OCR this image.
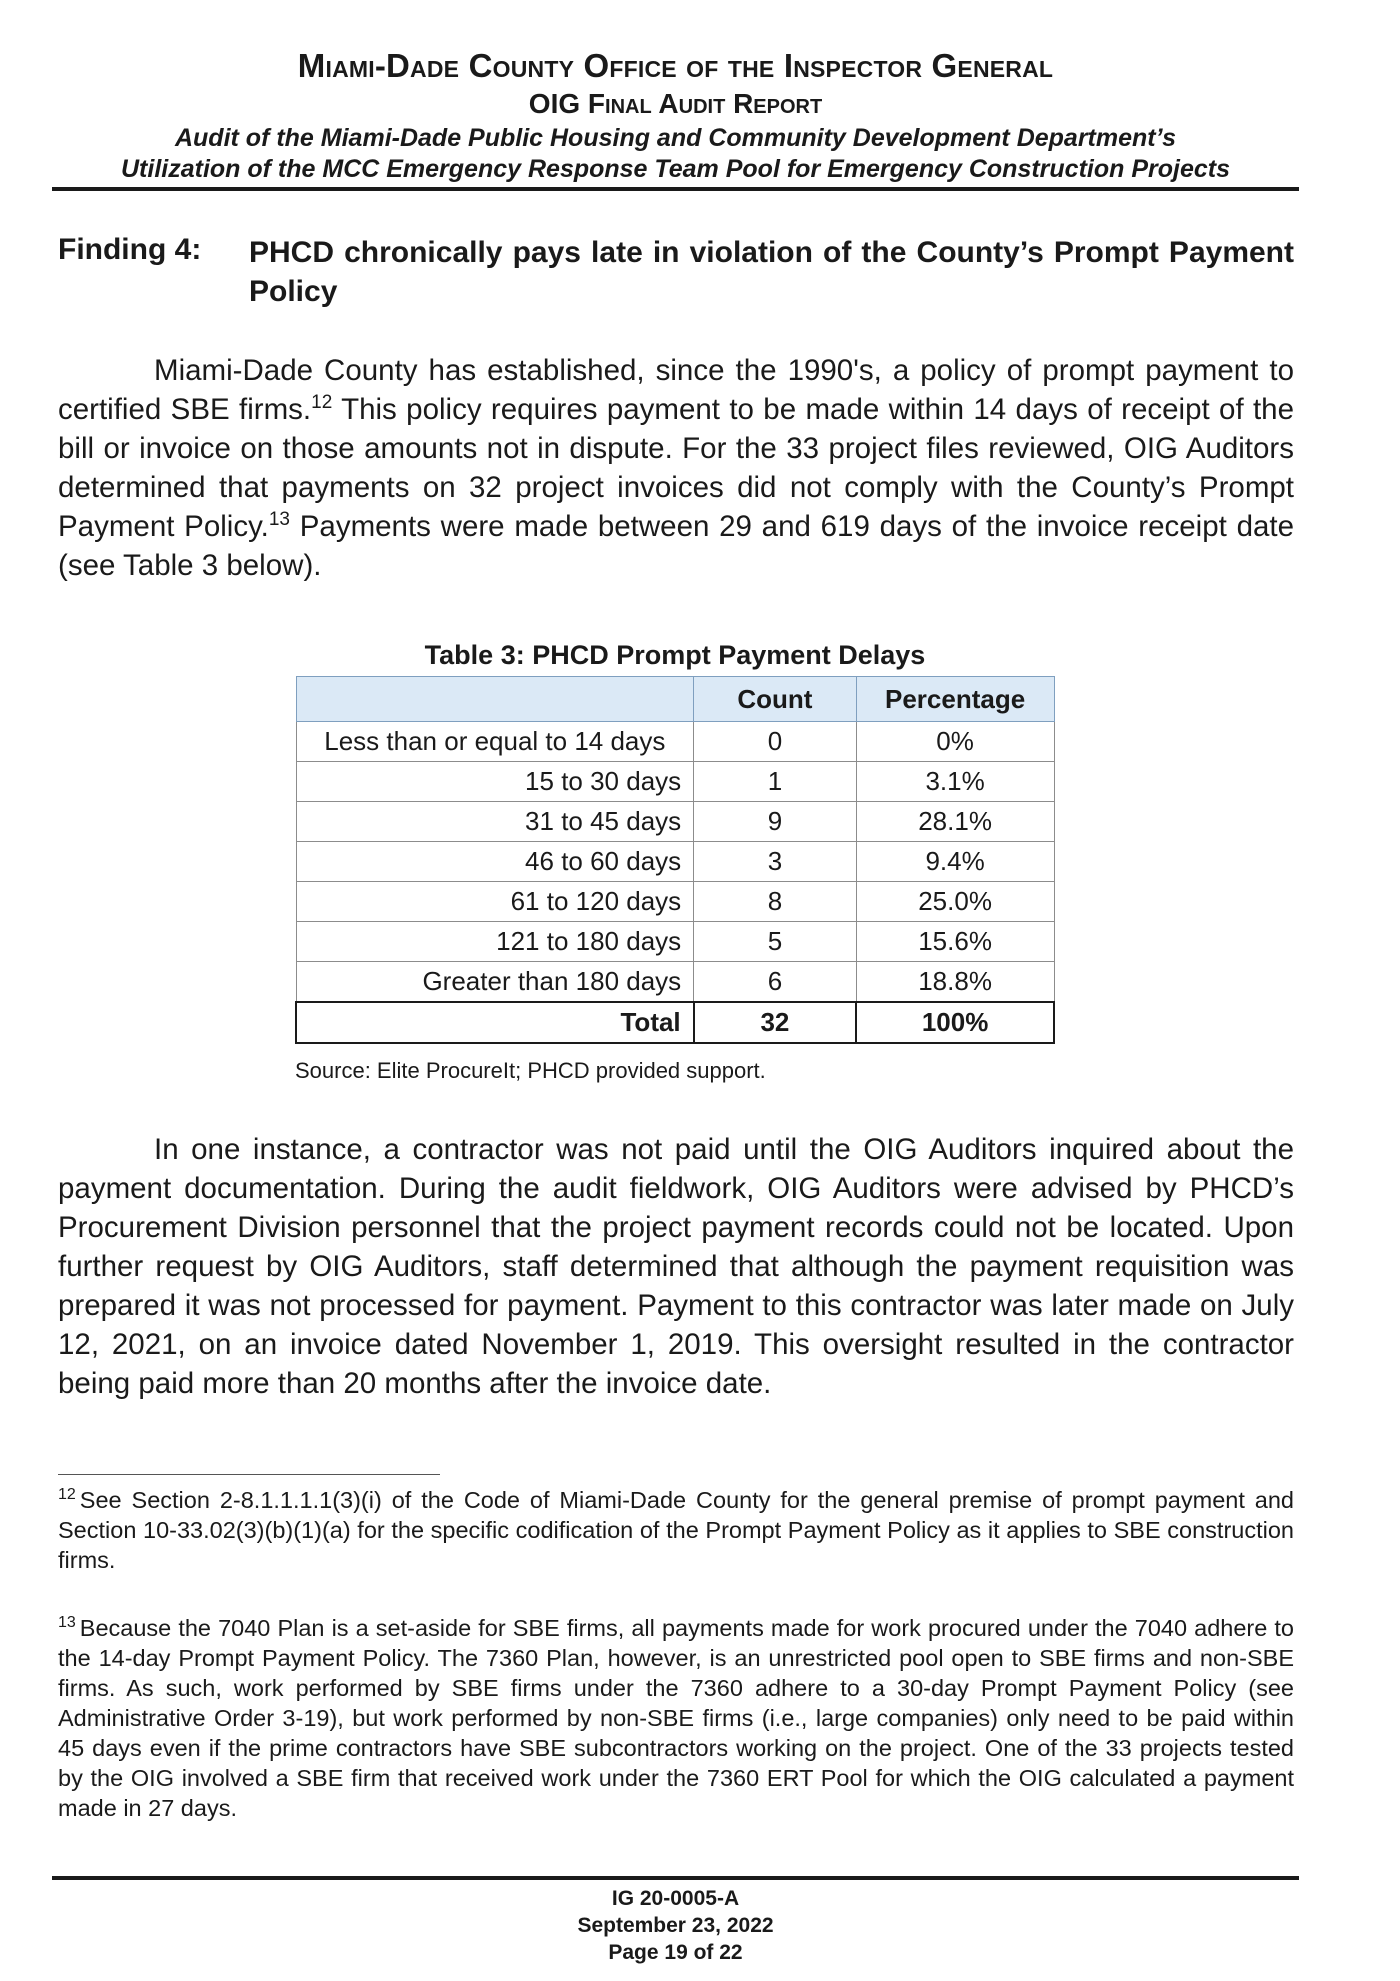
Miami-Dade County Office of the Inspector General
OIG Final Audit Report
Audit of the Miami-Dade Public Housing and Community Development Department’s
Utilization of the MCC Emergency Response Team Pool for Emergency Construction Projects
Finding 4: PHCD chronically pays late in violation of the County’s Prompt Payment Policy

Miami-Dade County has established, since the 1990's, a policy of prompt payment to certified SBE firms.$^{12}$ This policy requires payment to be made within 14 days of receipt of the bill or invoice on those amounts not in dispute. For the 33 project files reviewed, OIG Auditors determined that payments on 32 project invoices did not comply with the County’s Prompt Payment Policy.$^{13}$ Payments were made between 29 and 619 days of the invoice receipt date (see Table 3 below).

Table 3: PHCD Prompt Payment Delays
	Count	Percentage
Less than or equal to 14 days	0	0%
15 to 30 days	1	3.1%
31 to 45 days	9	28.1%
46 to 60 days	3	9.4%
61 to 120 days	8	25.0%
121 to 180 days	5	15.6%
Greater than 180 days	6	18.8%
Total	32	100%
Source: Elite ProcureIt; PHCD provided support.

In one instance, a contractor was not paid until the OIG Auditors inquired about the payment documentation. During the audit fieldwork, OIG Auditors were advised by PHCD’s Procurement Division personnel that the project payment records could not be located. Upon further request by OIG Auditors, staff determined that although the payment requisition was prepared it was not processed for payment. Payment to this contractor was later made on July 12, 2021, on an invoice dated November 1, 2019. This oversight resulted in the contractor being paid more than 20 months after the invoice date.

$^{12}$ See Section 2-8.1.1.1.1(3)(i) of the Code of Miami-Dade County for the general premise of prompt payment and Section 10-33.02(3)(b)(1)(a) for the specific codification of the Prompt Payment Policy as it applies to SBE construction firms.
$^{13}$ Because the 7040 Plan is a set-aside for SBE firms, all payments made for work procured under the 7040 adhere to the 14-day Prompt Payment Policy. The 7360 Plan, however, is an unrestricted pool open to SBE firms and non-SBE firms. As such, work performed by SBE firms under the 7360 adhere to a 30-day Prompt Payment Policy (see Administrative Order 3-19), but work performed by non-SBE firms (i.e., large companies) only need to be paid within 45 days even if the prime contractors have SBE subcontractors working on the project. One of the 33 projects tested by the OIG involved a SBE firm that received work under the 7360 ERT Pool for which the OIG calculated a payment made in 27 days.
IG 20-0005-A
September 23, 2022
Page 19 of 22
